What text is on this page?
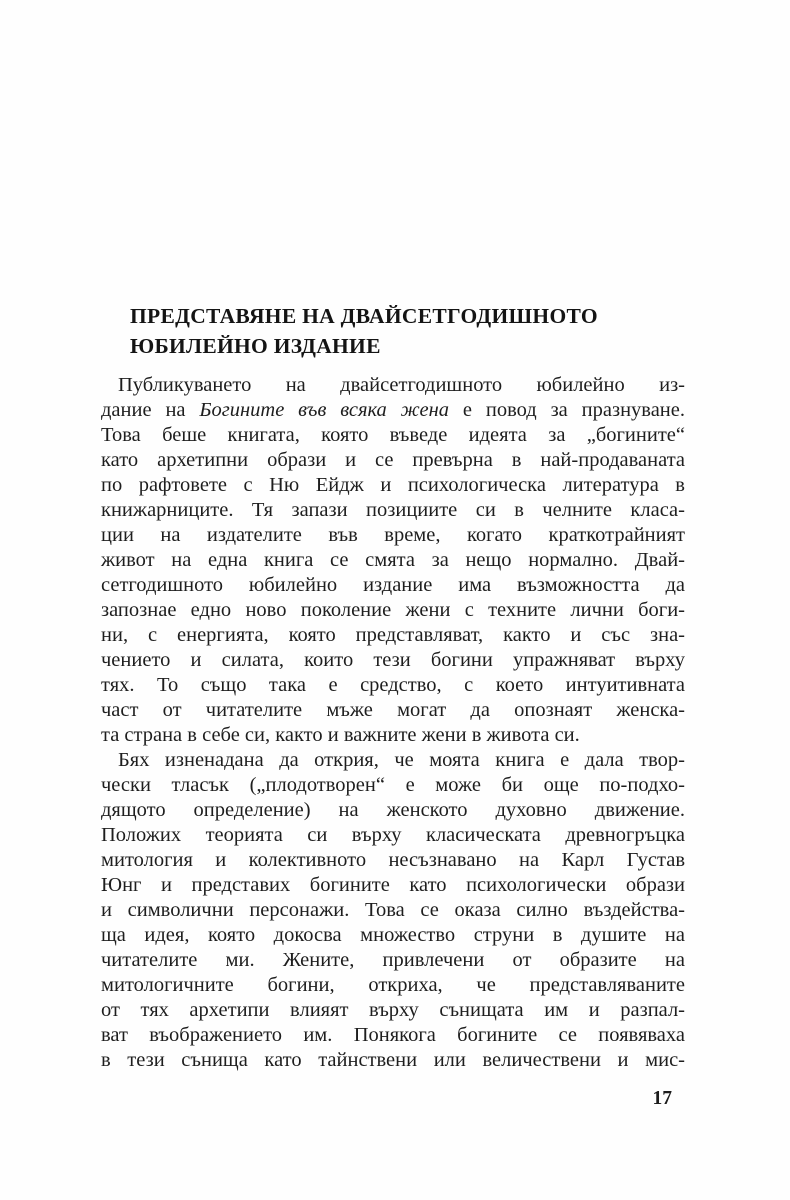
ПРЕДСТАВЯНЕ НА ДВАЙСЕТГОДИШНОТО
ЮБИЛЕЙНО ИЗДАНИЕ
Публикуването на двайсетгодишното юбилейно из-
дание на Богините във всяка жена е повод за празнуване.
Това беше книгата, която въведе идеята за „богините“
като архетипни образи и се превърна в най-продаваната
по рафтовете с Ню Ейдж и психологическа литература в
книжарниците. Тя запази позициите си в челните класа-
ции на издателите във време, когато краткотрайният
живот на една книга се смята за нещо нормално. Двай-
сетгодишното юбилейно издание има възможността да
запознае едно ново поколение жени с техните лични боги-
ни, с енергията, която представляват, както и със зна-
чението и силата, които тези богини упражняват върху
тях. То също така е средство, с което интуитивната
част от читателите мъже могат да опознаят женска-
та страна в себе си, както и важните жени в живота си.
Бях изненадана да открия, че моята книга е дала твор-
чески тласък („плодотворен“ е може би още по-подхо-
дящото определение) на женското духовно движение.
Положих теорията си върху класическата древногръцка
митология и колективното несъзнавано на Карл Густав
Юнг и представих богините като психологически образи
и символични персонажи. Това се оказа силно въздейства-
ща идея, която докосва множество струни в душите на
читателите ми. Жените, привлечени от образите на
митологичните богини, откриха, че представляваните
от тях архетипи влияят върху сънищата им и разпал-
ват въображението им. Понякога богините се появяваха
в тези сънища като тайнствени или величествени и мис-
17
